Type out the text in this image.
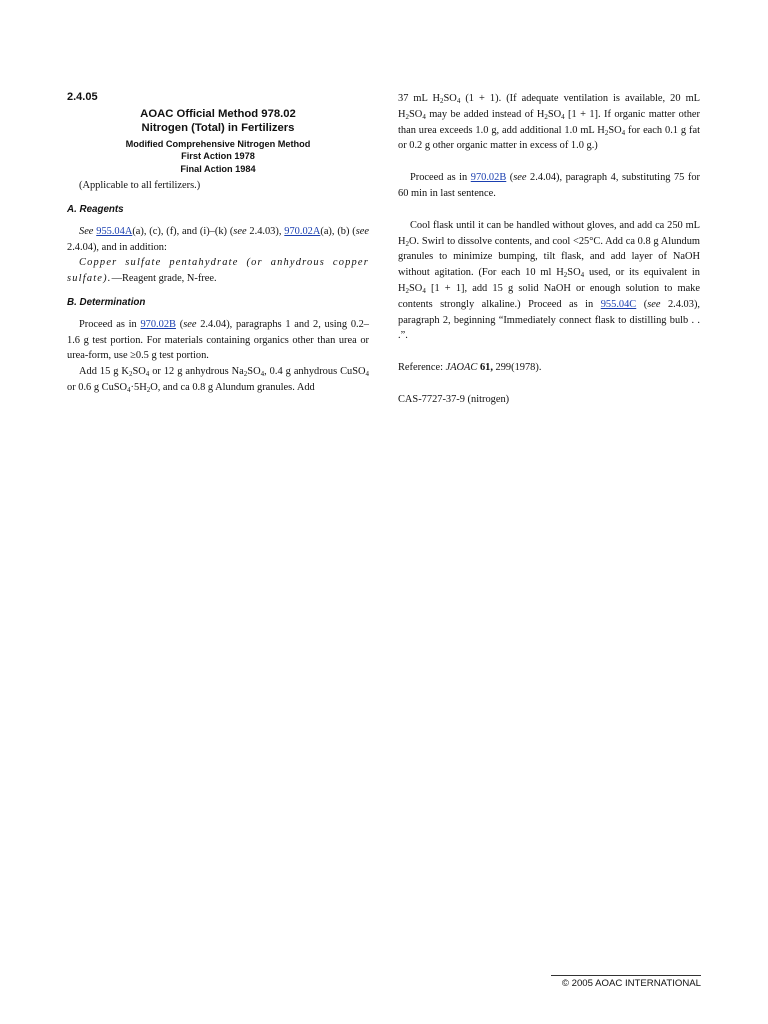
2.4.05
AOAC Official Method 978.02
Nitrogen (Total) in Fertilizers
Modified Comprehensive Nitrogen Method
First Action 1978
Final Action 1984

(Applicable to all fertilizers.)

A. Reagents

See 955.04A(a), (c), (f), and (i)–(k) (see 2.4.03), 970.02A(a), (b) (see 2.4.04), and in addition:

Copper sulfate pentahydrate (or anhydrous copper sulfate).—Reagent grade, N-free.

B. Determination

Proceed as in 970.02B (see 2.4.04), paragraphs 1 and 2, using 0.2–1.6 g test portion. For materials containing organics other than urea or urea-form, use ≥0.5 g test portion.

Add 15 g $K_2SO_4$ or 12 g anhydrous $Na_2SO_4$, 0.4 g anhydrous CuSO$_4$ or 0.6 g $CuSO_4\cdot 5H_2O$, and ca 0.8 g Alundum granules. Add

37 mL $H_2SO_4$ (1 + 1). (If adequate ventilation is available, 20 mL $H_2SO_4$ may be added instead of $H_2SO_4$ [1 + 1]. If organic matter other than urea exceeds 1.0 g, add additional 1.0 mL $H_2SO_4$ for each 0.1 g fat or 0.2 g other organic matter in excess of 1.0 g.)

Proceed as in 970.02B (see 2.4.04), paragraph 4, substituting 75 for 60 min in last sentence.

Cool flask until it can be handled without gloves, and add ca 250 mL $H_2O$. Swirl to dissolve contents, and cool <25°C. Add ca 0.8 g Alundum granules to minimize bumping, tilt flask, and add layer of NaOH without agitation. (For each 10 ml $H_2SO_4$ used, or its equivalent in $H_2SO_4$ [1 + 1], add 15 g solid NaOH or enough solution to make contents strongly alkaline.) Proceed as in 955.04C (see 2.4.03), paragraph 2, beginning “Immediately connect flask to distilling bulb . . .”.

Reference: JAOAC 61, 299(1978).

CAS-7727-37-9 (nitrogen)

© 2005 AOAC INTERNATIONAL
